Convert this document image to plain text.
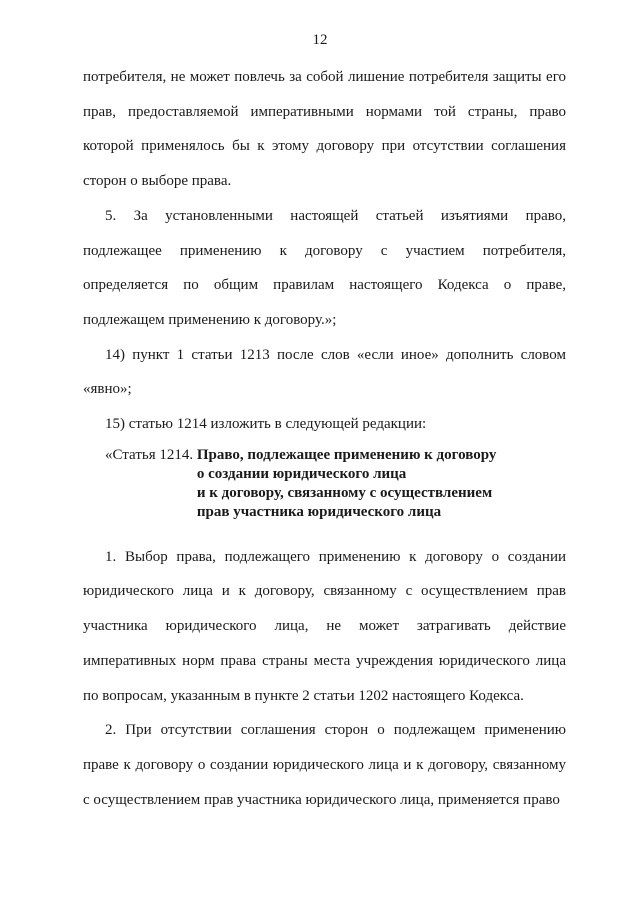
12

потребителя, не может повлечь за собой лишение потребителя защиты его прав, предоставляемой императивными нормами той страны, право которой применялось бы к этому договору при отсутствии соглашения сторон о выборе права.

5. За установленными настоящей статьей изъятиями право, подлежащее применению к договору с участием потребителя, определяется по общим правилам настоящего Кодекса о праве, подлежащем применению к договору.»;

14) пункт 1 статьи 1213 после слов «если иное» дополнить словом «явно»;

15) статью 1214 изложить в следующей редакции:

«Статья 1214. Право, подлежащее применению к договору
о создании юридического лица
и к договору, связанному с осуществлением
прав участника юридического лица

1. Выбор права, подлежащего применению к договору о создании юридического лица и к договору, связанному с осуществлением прав участника юридического лица, не может затрагивать действие императивных норм права страны места учреждения юридического лица по вопросам, указанным в пункте 2 статьи 1202 настоящего Кодекса.

2. При отсутствии соглашения сторон о подлежащем применению праве к договору о создании юридического лица и к договору, связанному с осуществлением прав участника юридического лица, применяется право
